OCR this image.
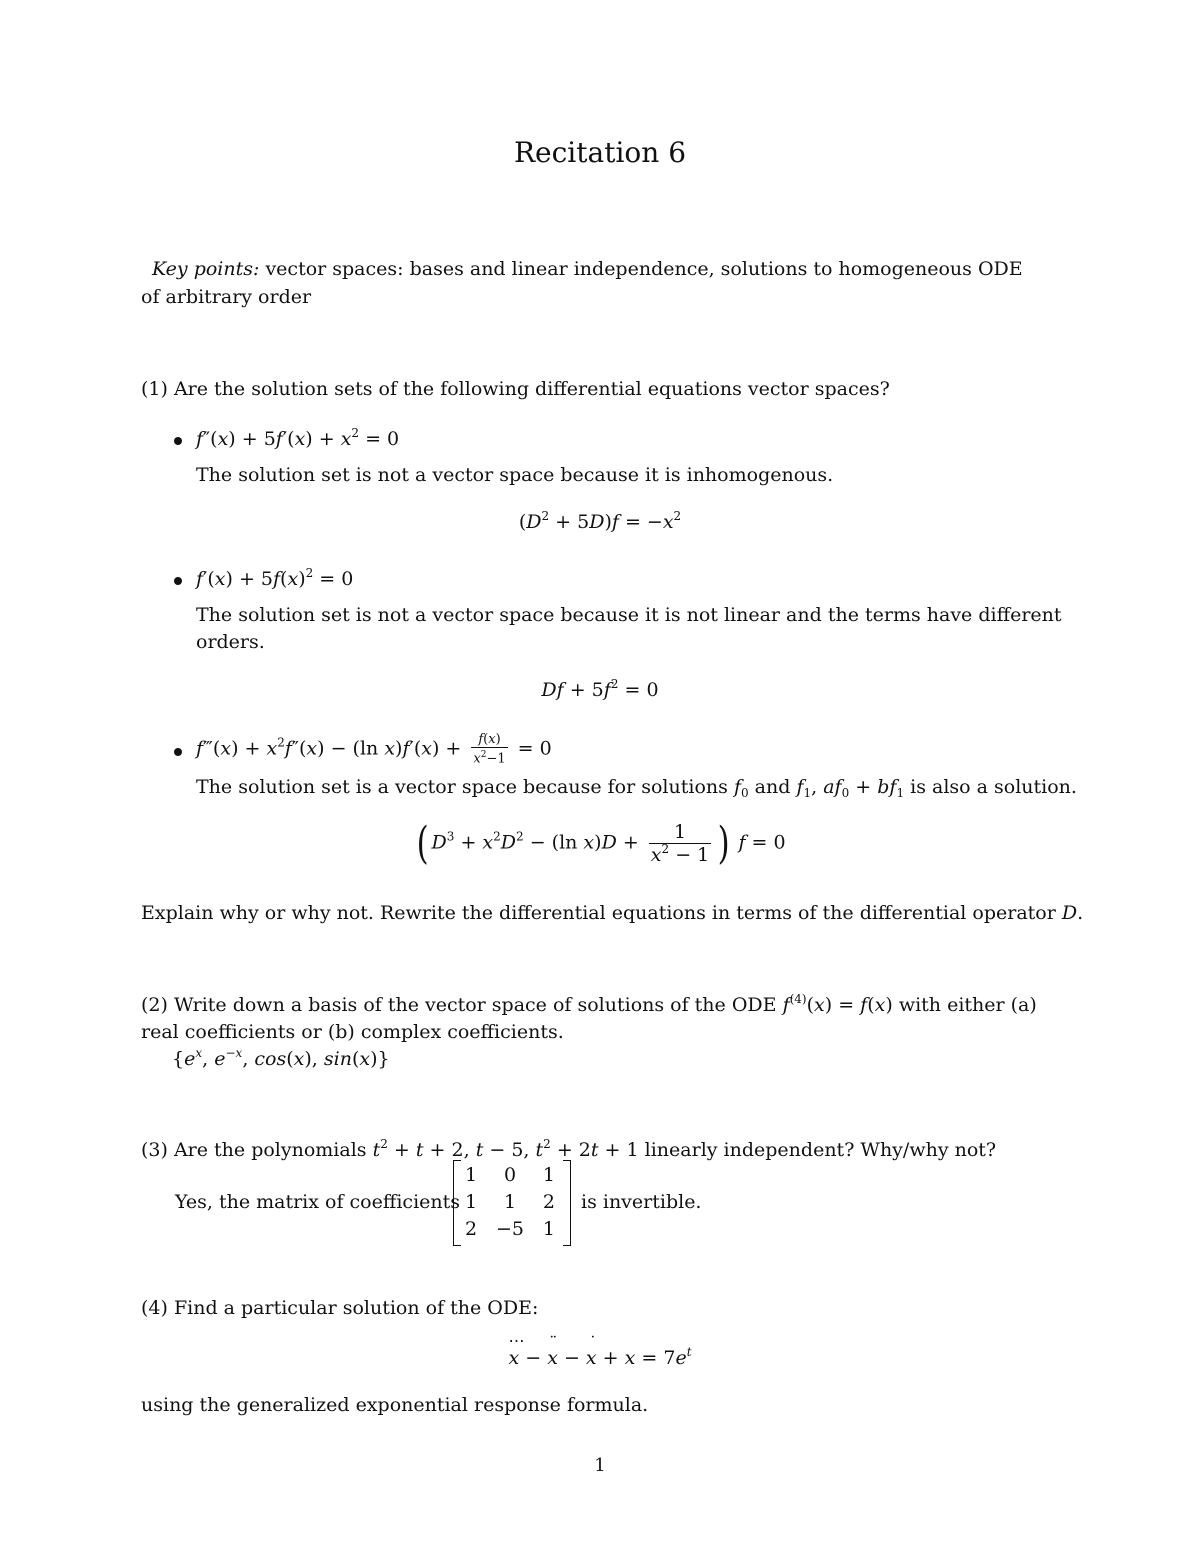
Recitation 6
Key points: vector spaces: bases and linear independence, solutions to homogeneous ODE
of arbitrary order
(1) Are the solution sets of the following differential equations vector spaces?
$f''(x) + 5f'(x) + x^2 = 0$
The solution set is not a vector space because it is inhomogenous.
$(D^2 + 5D)f = -x^2$
$f'(x) + 5f(x)^2 = 0$
The solution set is not a vector space because it is not linear and the terms have different
orders.
$Df + 5f^2 = 0$
f‴(x) + $x^2f''(x) - (\ln$ $x)f'(x) + \frac{f(x)}{x^2-1} = 0$
The solution set is a vector space because for solutions $f_0$ and $f_1$, $af_0 + bf_1$ is also a solution.
( $D^3 + x^2D^2 - (\ln$ $x)D + \frac{1}{x^2 - 1}$ ) f = 0
Explain why or why not. Rewrite the differential equations in terms of the differential operator D.
(2) Write down a basis of the vector space of solutions of the ODE $f^{(4)}(x) = f(x)$ with either (a)
real coefficients or (b) complex coefficients.
{$e^x$, $e^{-x}$, cos(x), sin(x)}
(3) Are the polynomials $t^2 + t + 2$, t − 5, $t^2 + 2t + 1$ linearly independent? Why/why not?
Yes, the matrix of coefficients
1	0	1
1	1	2
2	−5	1
is invertible.
(4) Find a particular solution of the ODE:
⋯ x − ¨ x − ˙ $x + x = 7e^t$
using the generalized exponential response formula.
1
